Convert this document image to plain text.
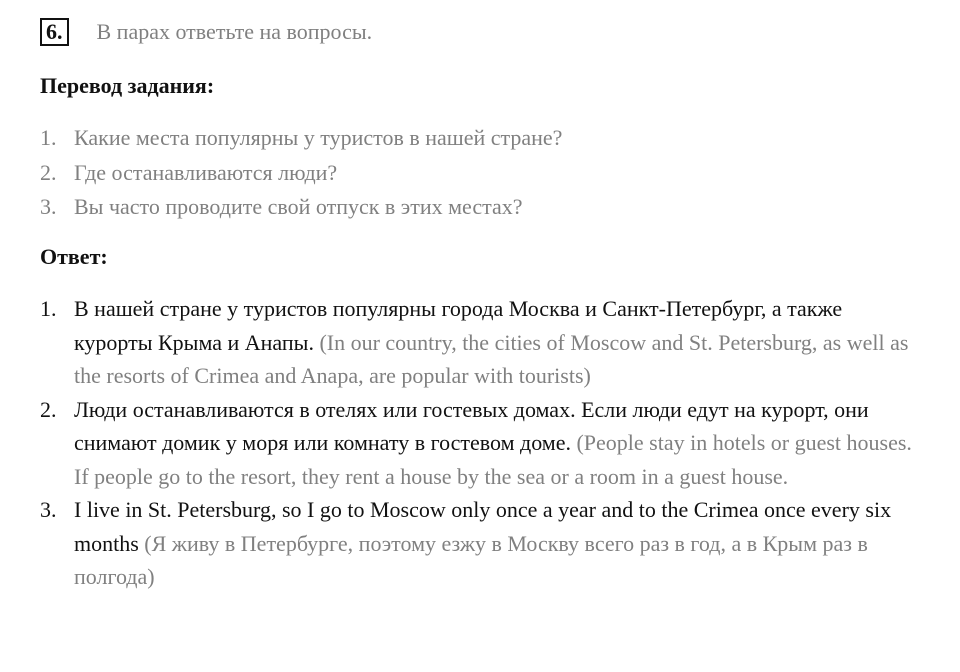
6. В парах ответьте на вопросы.
Перевод задания:
1. Какие места популярны у туристов в нашей стране?
2. Где останавливаются люди?
3. Вы часто проводите свой отпуск в этих местах?
Ответ:
1. В нашей стране у туристов популярны города Москва и Санкт-Петербург, а также курорты Крыма и Анапы. (In our country, the cities of Moscow and St. Petersburg, as well as the resorts of Crimea and Anapa, are popular with tourists)
2. Люди останавливаются в отелях или гостевых домах. Если люди едут на курорт, они снимают домик у моря или комнату в гостевом доме. (People stay in hotels or guest houses. If people go to the resort, they rent a house by the sea or a room in a guest house.
3. I live in St. Petersburg, so I go to Moscow only once a year and to the Crimea once every six months (Я живу в Петербурге, поэтому езжу в Москву всего раз в год, а в Крым раз в полгода)
